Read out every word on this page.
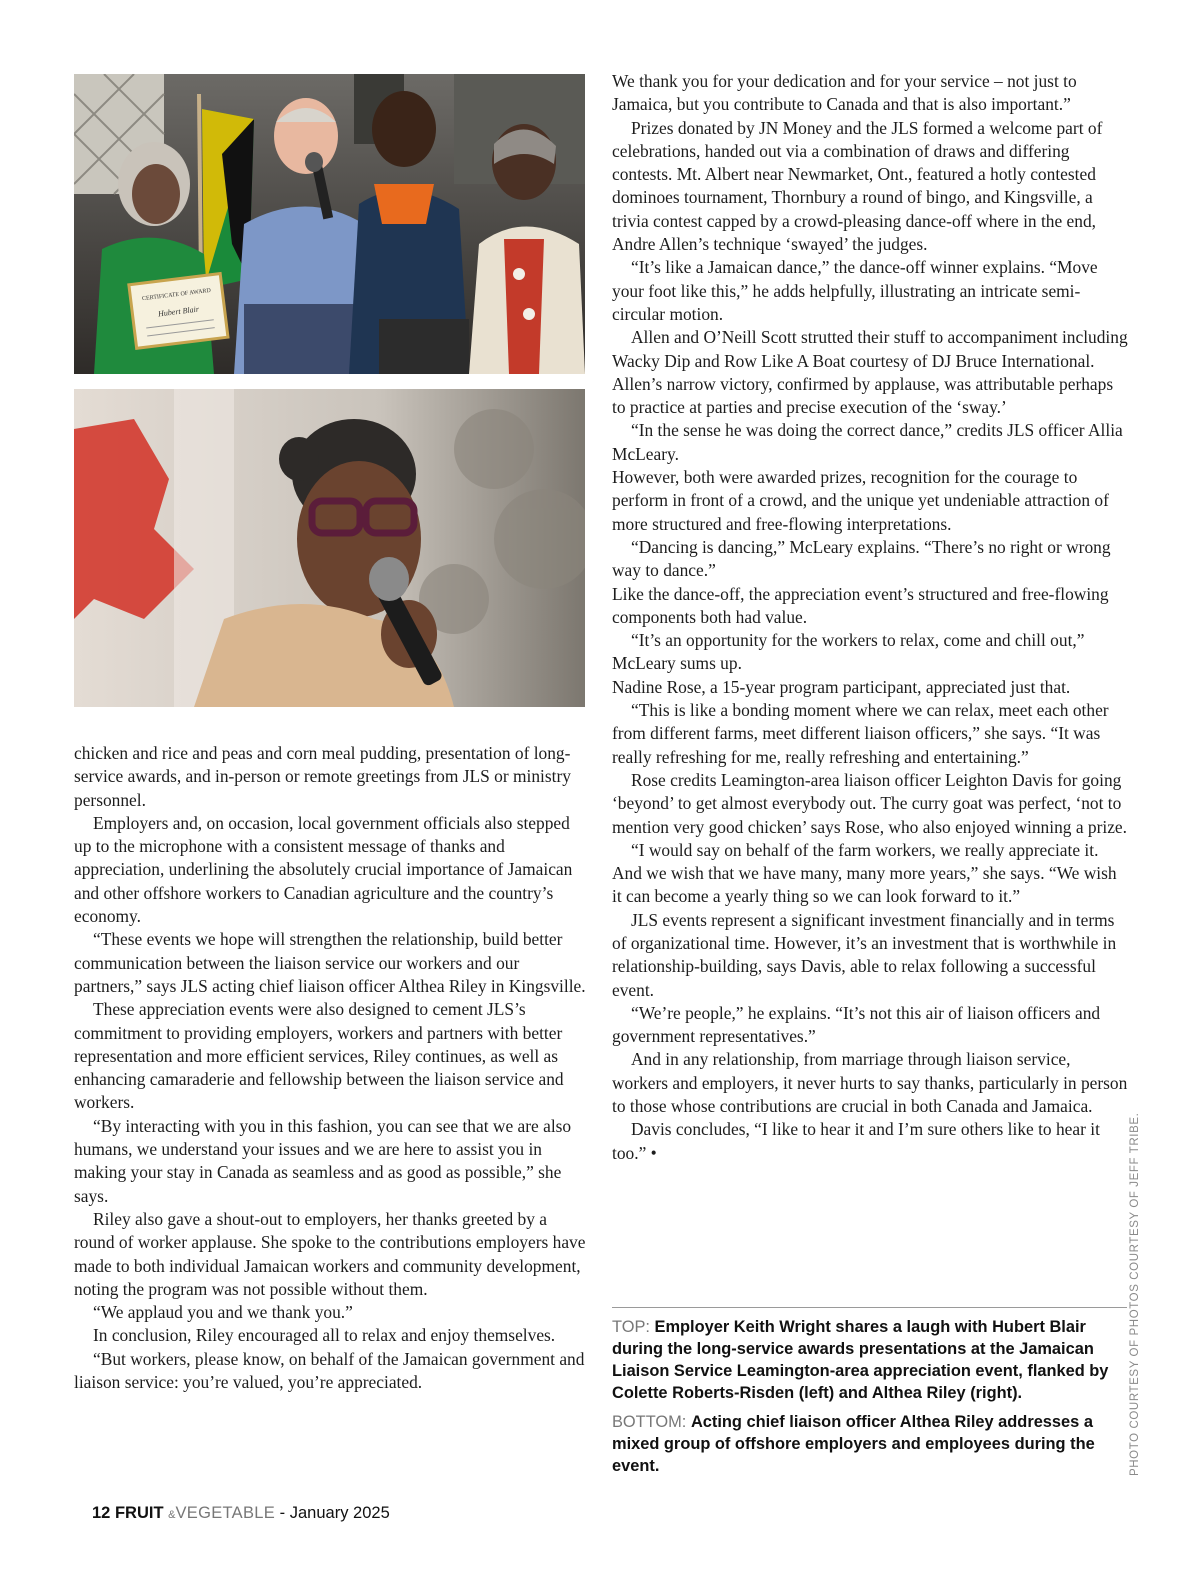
CERTIFICATE OF AWARD
Hubert Blair

chicken and rice and peas and corn meal pudding, presentation of long-service awards, and in-person or remote greetings from JLS or ministry personnel.

Employers and, on occasion, local government officials also stepped up to the microphone with a consistent message of thanks and appreciation, underlining the absolutely crucial importance of Jamaican and other offshore workers to Canadian agriculture and the country’s economy.

“These events we hope will strengthen the relationship, build better communication between the liaison service our workers and our partners,” says JLS acting chief liaison officer Althea Riley in Kingsville.

These appreciation events were also designed to cement JLS’s commitment to providing employers, workers and partners with better representation and more efficient services, Riley continues, as well as enhancing camaraderie and fellowship between the liaison service and workers.

“By interacting with you in this fashion, you can see that we are also humans, we understand your issues and we are here to assist you in making your stay in Canada as seamless and as good as possible,” she says.

Riley also gave a shout-out to employers, her thanks greeted by a round of worker applause. She spoke to the contributions employers have made to both individual Jamaican workers and community development, noting the program was not possible without them.

“We applaud you and we thank you.”

In conclusion, Riley encouraged all to relax and enjoy themselves.

“But workers, please know, on behalf of the Jamaican government and liaison service: you’re valued, you’re appreciated.

We thank you for your dedication and for your service – not just to Jamaica, but you contribute to Canada and that is also important.”

Prizes donated by JN Money and the JLS formed a welcome part of celebrations, handed out via a combination of draws and differing contests. Mt. Albert near Newmarket, Ont., featured a hotly contested dominoes tournament, Thornbury a round of bingo, and Kingsville, a trivia contest capped by a crowd-pleasing dance-off where in the end, Andre Allen’s technique ‘swayed’ the judges.

“It’s like a Jamaican dance,” the dance-off winner explains. “Move your foot like this,” he adds helpfully, illustrating an intricate semi-circular motion.

Allen and O’Neill Scott strutted their stuff to accompaniment including Wacky Dip and Row Like A Boat courtesy of DJ Bruce International. Allen’s narrow victory, confirmed by applause, was attributable perhaps to practice at parties and precise execution of the ‘sway.’

“In the sense he was doing the correct dance,” credits JLS officer Allia McLeary.

However, both were awarded prizes, recognition for the courage to perform in front of a crowd, and the unique yet undeniable attraction of more structured and free-flowing interpretations.

“Dancing is dancing,” McLeary explains. “There’s no right or wrong way to dance.”

Like the dance-off, the appreciation event’s structured and free-flowing components both had value.

“It’s an opportunity for the workers to relax, come and chill out,” McLeary sums up.

Nadine Rose, a 15-year program participant, appreciated just that.

“This is like a bonding moment where we can relax, meet each other from different farms, meet different liaison officers,” she says. “It was really refreshing for me, really refreshing and entertaining.”

Rose credits Leamington-area liaison officer Leighton Davis for going ‘beyond’ to get almost everybody out. The curry goat was perfect, ‘not to mention very good chicken’ says Rose, who also enjoyed winning a prize.

“I would say on behalf of the farm workers, we really appreciate it. And we wish that we have many, many more years,” she says. “We wish it can become a yearly thing so we can look forward to it.”

JLS events represent a significant investment financially and in terms of organizational time. However, it’s an investment that is worthwhile in relationship-building, says Davis, able to relax following a successful event.

“We’re people,” he explains. “It’s not this air of liaison officers and government representatives.”

And in any relationship, from marriage through liaison service, workers and employers, it never hurts to say thanks, particularly in person to those whose contributions are crucial in both Canada and Jamaica.

Davis concludes, “I like to hear it and I’m sure others like to hear it too.” •

TOP: Employer Keith Wright shares a laugh with Hubert Blair during the long-service awards presentations at the Jamaican Liaison Service Leamington-area appreciation event, flanked by Colette Roberts-Risden (left) and Althea Riley (right).

BOTTOM: Acting chief liaison officer Althea Riley addresses a mixed group of offshore employers and employees during the event.	PHOTO COURTESY OF PHOTOS COURTESY OF JEFF TRIBE.
12 FRUIT &VEGETABLE - January 2025
